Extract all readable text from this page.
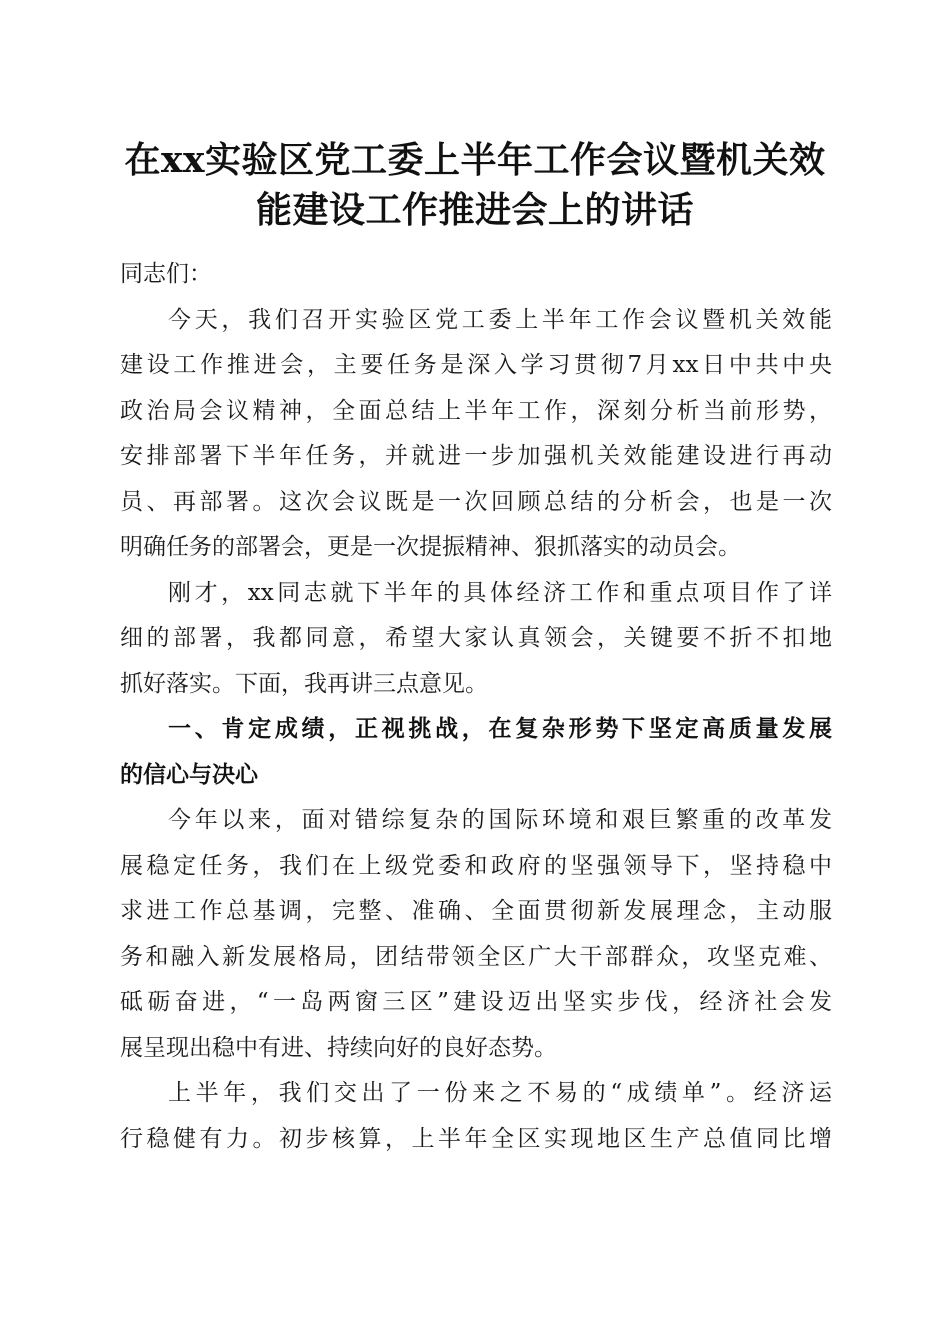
在xx实验区党工委上半年工作会议暨机关效
能建设工作推进会上的讲话
同志们：
今天，我们召开实验区党工委上半年工作会议暨机关效能
建设工作推进会，主要任务是深入学习贯彻7月xx日中共中央
政治局会议精神，全面总结上半年工作，深刻分析当前形势，
安排部署下半年任务，并就进一步加强机关效能建设进行再动
员、再部署。这次会议既是一次回顾总结的分析会，也是一次
明确任务的部署会，更是一次提振精神、狠抓落实的动员会。
刚才，xx同志就下半年的具体经济工作和重点项目作了详
细的部署，我都同意，希望大家认真领会，关键要不折不扣地
抓好落实。下面，我再讲三点意见。
一、肯定成绩，正视挑战，在复杂形势下坚定高质量发展
的信心与决心
今年以来，面对错综复杂的国际环境和艰巨繁重的改革发
展稳定任务，我们在上级党委和政府的坚强领导下，坚持稳中
求进工作总基调，完整、准确、全面贯彻新发展理念，主动服
务和融入新发展格局，团结带领全区广大干部群众，攻坚克难、
砥砺奋进，“一岛两窗三区”建设迈出坚实步伐，经济社会发
展呈现出稳中有进、持续向好的良好态势。
上半年，我们交出了一份来之不易的“成绩单”。经济运
行稳健有力。初步核算，上半年全区实现地区生产总值同比增
